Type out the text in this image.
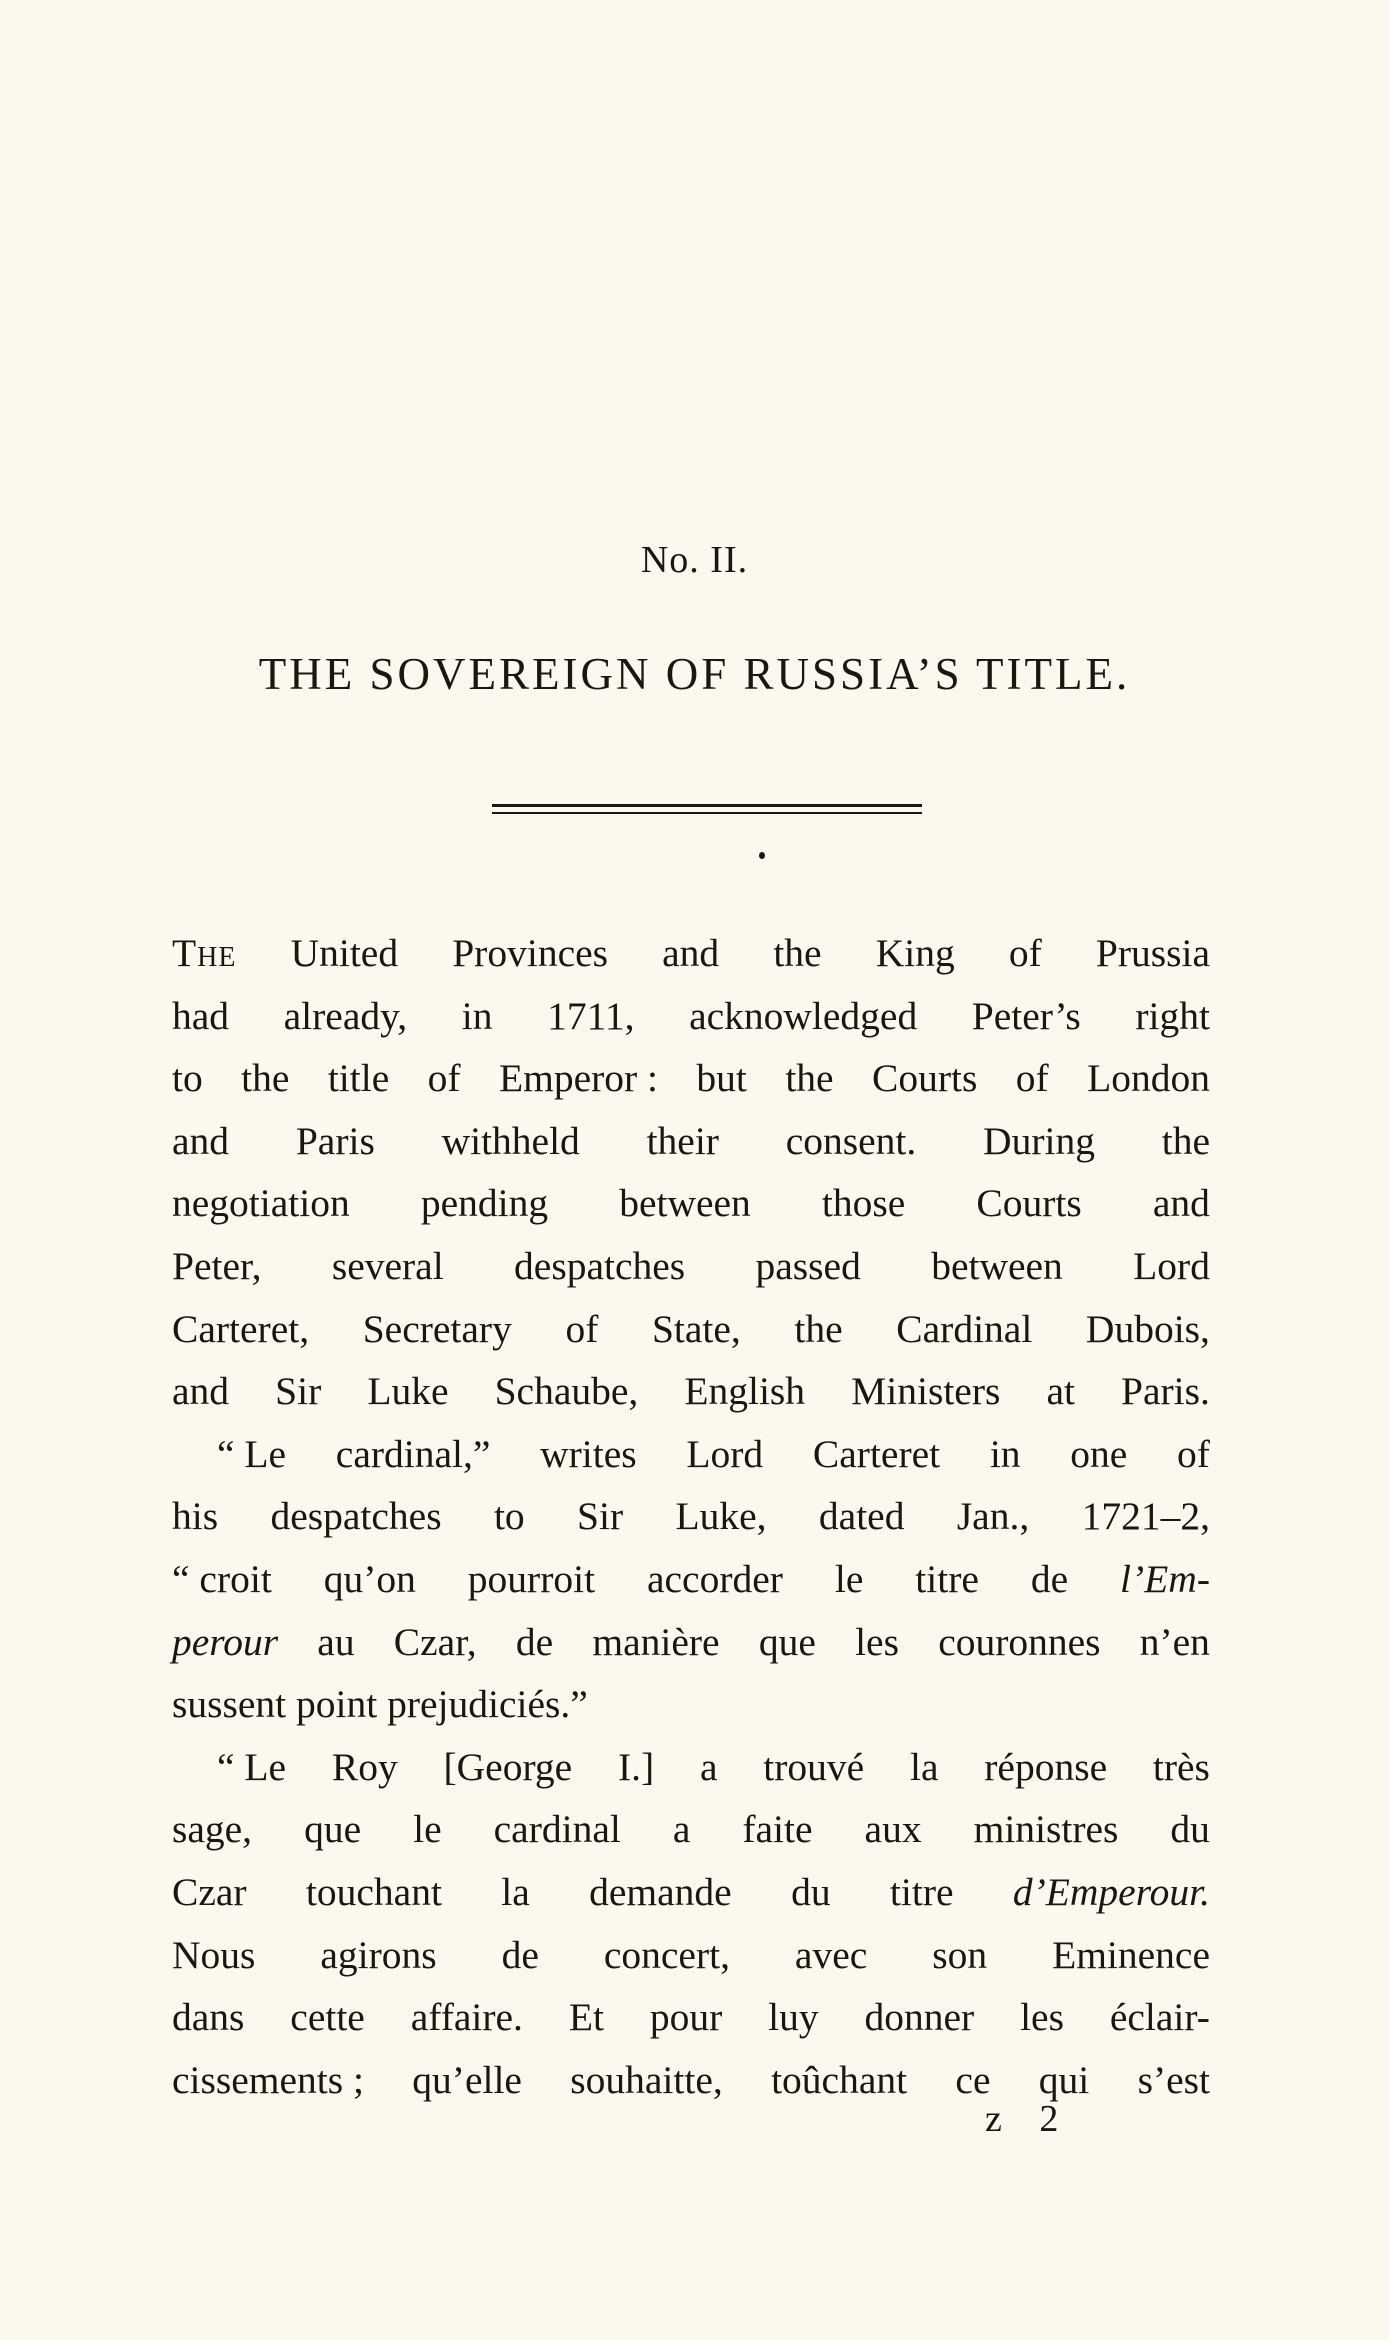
No. II.
THE SOVEREIGN OF RUSSIA’S TITLE.
The United Provinces and the King of Prussia
had already, in 1711, acknowledged Peter’s right
to the title of Emperor : but the Courts of London
and Paris withheld their consent. During the
negotiation pending between those Courts and
Peter, several despatches passed between Lord
Carteret, Secretary of State, the Cardinal Dubois,
and Sir Luke Schaube, English Ministers at Paris.
“ Le cardinal,” writes Lord Carteret in one of
his despatches to Sir Luke, dated Jan., 1721–2,
“ croit qu’on pourroit accorder le titre de l’Em-
perour au Czar, de manière que les couronnes n’en
sussent point prejudiciés.”
“ Le Roy [George I.] a trouvé la réponse très
sage, que le cardinal a faite aux ministres du
Czar touchant la demande du titre d’Emperour.
Nous agirons de concert, avec son Eminence
dans cette affaire. Et pour luy donner les éclair-
cissements ; qu’elle souhaitte, toûchant ce qui s’est
z 2
